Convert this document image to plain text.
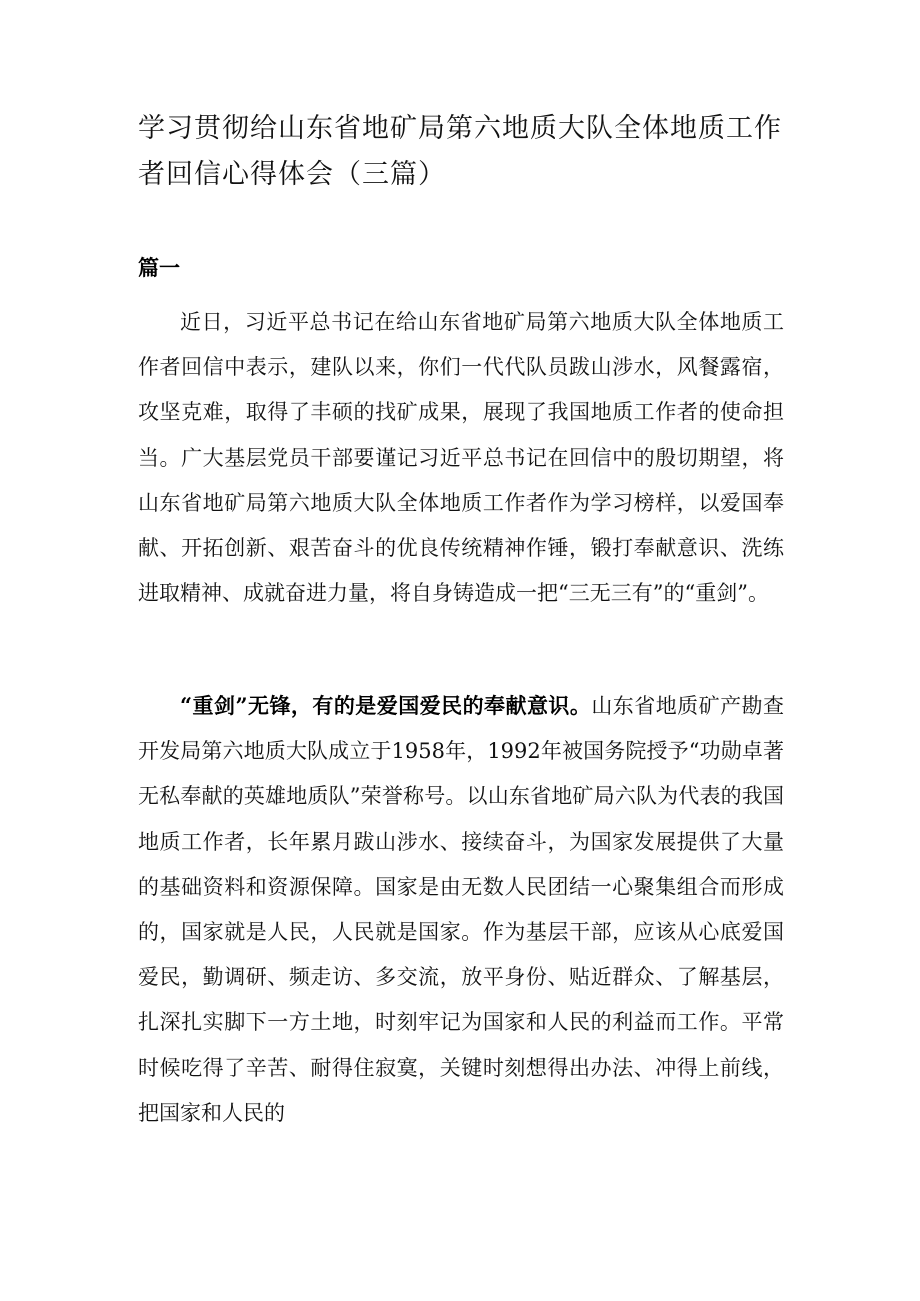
学习贯彻给山东省地矿局第六地质大队全体地质工作者回信心得体会（三篇）
篇一

近日，习近平总书记在给山东省地矿局第六地质大队全体地质工作者回信中表示，建队以来，你们一代代队员跋山涉水，风餐露宿，攻坚克难，取得了丰硕的找矿成果，展现了我国地质工作者的使命担当。广大基层党员干部要谨记习近平总书记在回信中的殷切期望，将山东省地矿局第六地质大队全体地质工作者作为学习榜样，以爱国奉献、开拓创新、艰苦奋斗的优良传统精神作锤，锻打奉献意识、洗练进取精神、成就奋进力量，将自身铸造成一把“三无三有”的“重剑”。

“重剑”无锋，有的是爱国爱民的奉献意识。山东省地质矿产勘查开发局第六地质大队成立于1958年，1992年被国务院授予“功勋卓著无私奉献的英雄地质队”荣誉称号。以山东省地矿局六队为代表的我国地质工作者，长年累月跋山涉水、接续奋斗，为国家发展提供了大量的基础资料和资源保障。国家是由无数人民团结一心聚集组合而形成的，国家就是人民，人民就是国家。作为基层干部，应该从心底爱国爱民，勤调研、频走访、多交流，放平身份、贴近群众、了解基层，扎深扎实脚下一方土地，时刻牢记为国家和人民的利益而工作。平常时候吃得了辛苦、耐得住寂寞，关键时刻想得出办法、冲得上前线，把国家和人民的
